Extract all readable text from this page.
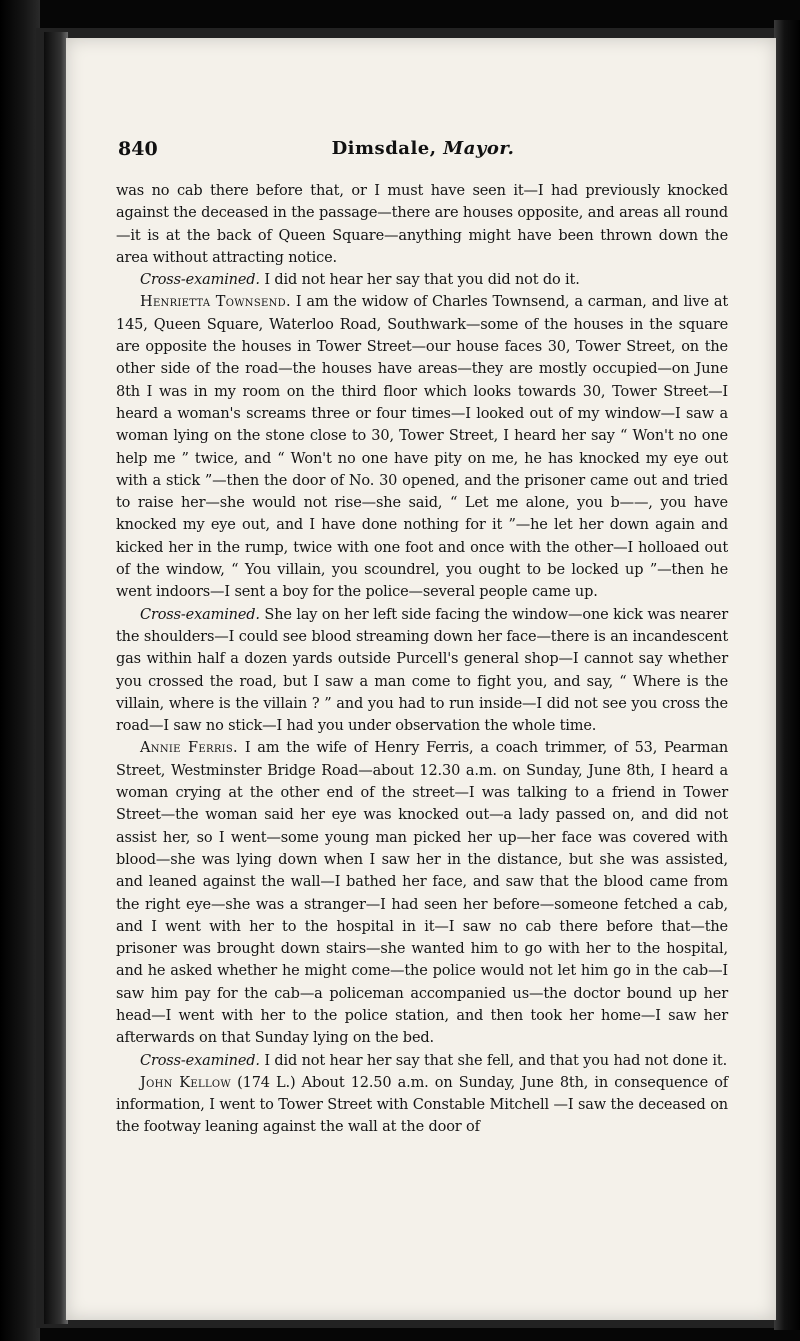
840	Dimsdale, Mayor.

was no cab there before that, or I must have seen it—I had previously knocked against the deceased in the passage—there are houses opposite, and areas all round—it is at the back of Queen Square—anything might have been thrown down the area without attracting notice.

Cross-examined. I did not hear her say that you did not do it.

Henrietta Townsend. I am the widow of Charles Townsend, a carman, and live at 145, Queen Square, Waterloo Road, Southwark—some of the houses in the square are opposite the houses in Tower Street—our house faces 30, Tower Street, on the other side of the road—the houses have areas—they are mostly occupied—on June 8th I was in my room on the third floor which looks towards 30, Tower Street—I heard a woman's screams three or four times—I looked out of my window—I saw a woman lying on the stone close to 30, Tower Street, I heard her say “ Won't no one help me ” twice, and “ Won't no one have pity on me, he has knocked my eye out with a stick ”—then the door of No. 30 opened, and the prisoner came out and tried to raise her—she would not rise—she said, “ Let me alone, you b——, you have knocked my eye out, and I have done nothing for it ”—he let her down again and kicked her in the rump, twice with one foot and once with the other—I holloaed out of the window, “ You villain, you scoundrel, you ought to be locked up ”—then he went indoors—I sent a boy for the police—several people came up.

Cross-examined. She lay on her left side facing the window—one kick was nearer the shoulders—I could see blood streaming down her face—there is an incandescent gas within half a dozen yards outside Purcell's general shop—I cannot say whether you crossed the road, but I saw a man come to fight you, and say, “ Where is the villain, where is the villain ? ” and you had to run inside—I did not see you cross the road—I saw no stick—I had you under observation the whole time.

Annie Ferris. I am the wife of Henry Ferris, a coach trimmer, of 53, Pearman Street, Westminster Bridge Road—about 12.30 a.m. on Sunday, June 8th, I heard a woman crying at the other end of the street—I was talking to a friend in Tower Street—the woman said her eye was knocked out—a lady passed on, and did not assist her, so I went—some young man picked her up—her face was covered with blood—she was lying down when I saw her in the distance, but she was assisted, and leaned against the wall—I bathed her face, and saw that the blood came from the right eye—she was a stranger—I had seen her before—someone fetched a cab, and I went with her to the hospital in it—I saw no cab there before that—the prisoner was brought down stairs—she wanted him to go with her to the hospital, and he asked whether he might come—the police would not let him go in the cab—I saw him pay for the cab—a policeman accompanied us—the doctor bound up her head—I went with her to the police station, and then took her home—I saw her afterwards on that Sunday lying on the bed.

Cross-examined. I did not hear her say that she fell, and that you had not done it.

John Kellow (174 L.) About 12.50 a.m. on Sunday, June 8th, in consequence of information, I went to Tower Street with Constable Mitchell —I saw the deceased on the footway leaning against the wall at the door of
